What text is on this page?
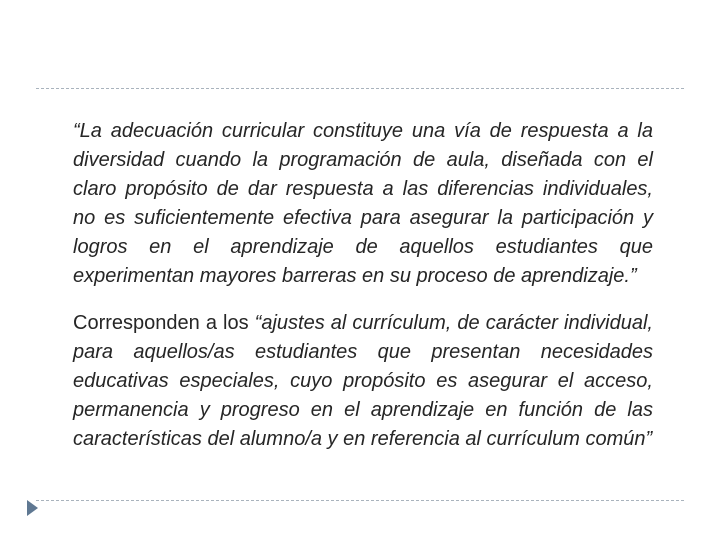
“La adecuación curricular constituye una vía de respuesta a la diversidad cuando la programación de aula, diseñada con el claro propósito de dar respuesta a las diferencias individuales, no es suficientemente efectiva para asegurar la participación y logros en el aprendizaje de aquellos estudiantes que experimentan mayores barreras en su proceso de aprendizaje.”

Corresponden a los “ajustes al currículum, de carácter individual, para aquellos/as estudiantes que presentan necesidades educativas especiales, cuyo propósito es asegurar el acceso, permanencia y progreso en el aprendizaje en función de las características del alumno/a y en referencia al currículum común”
